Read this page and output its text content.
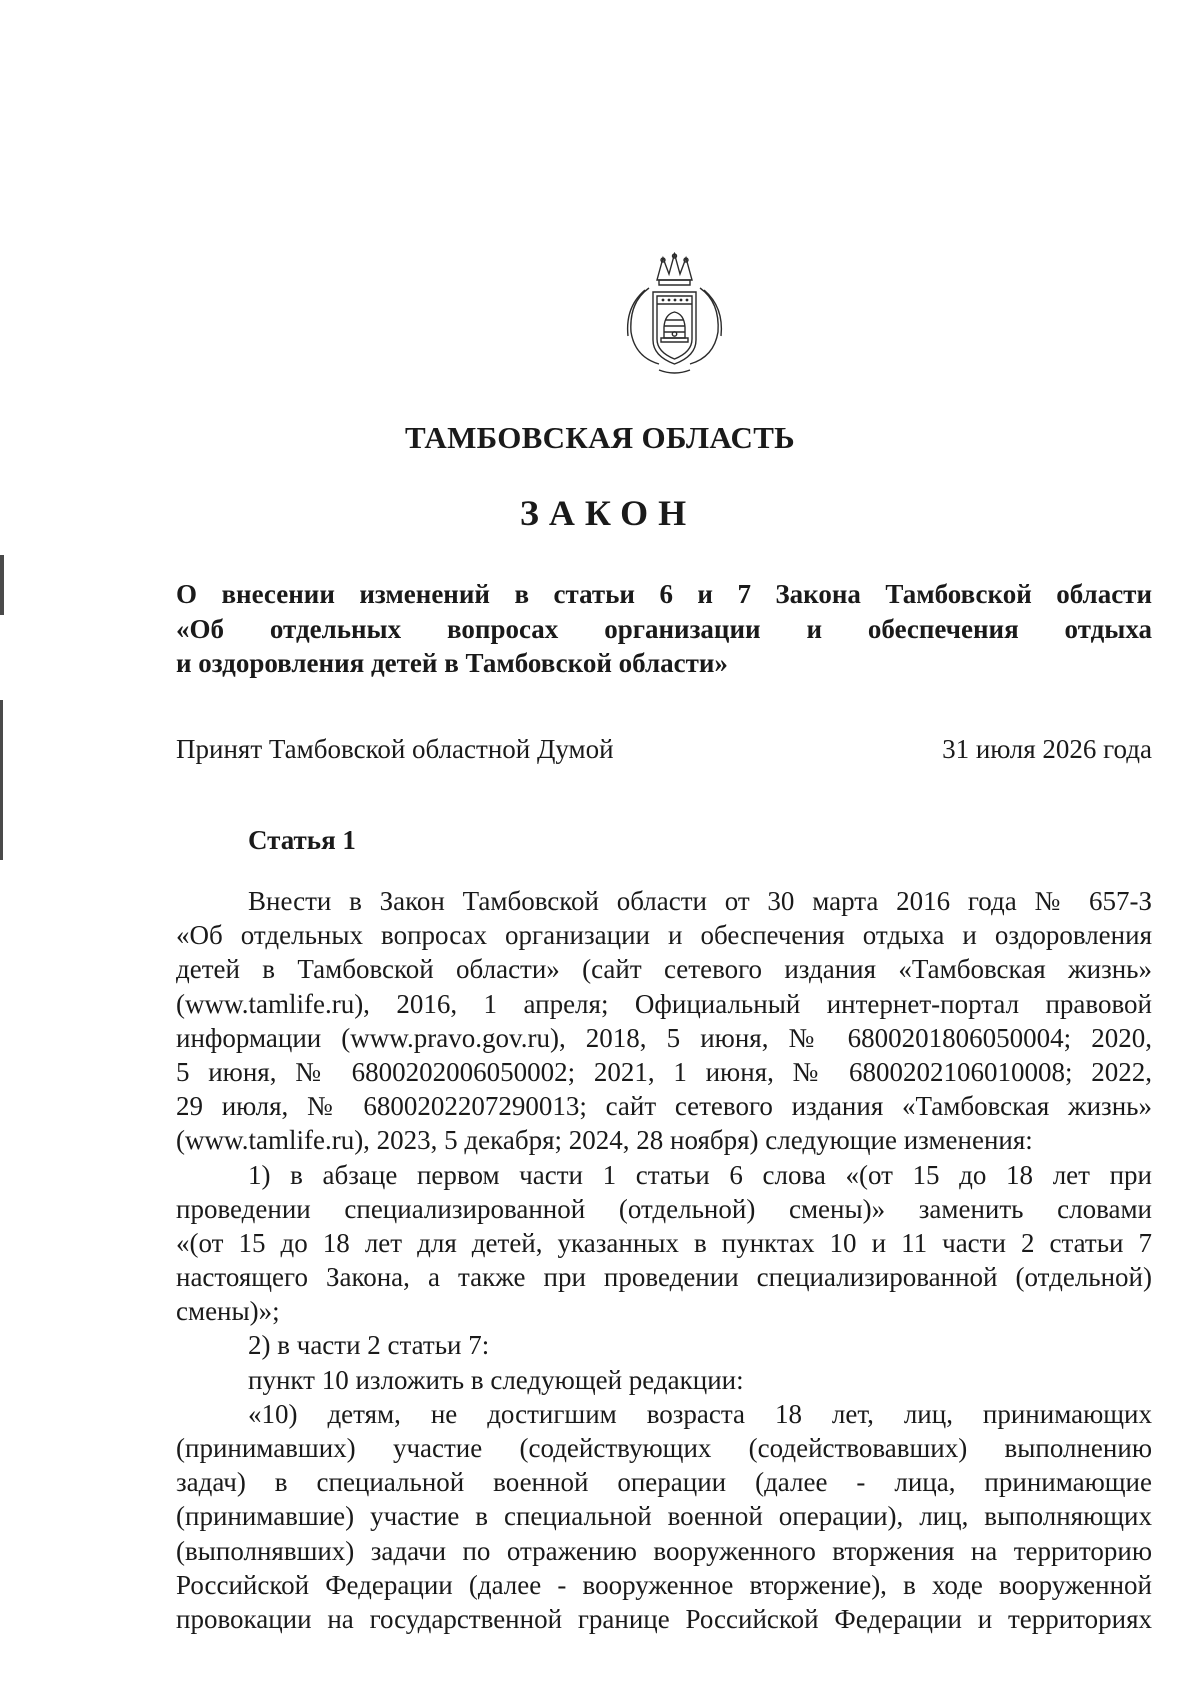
ТАМБОВСКАЯ ОБЛАСТЬ
ЗАКОН
О внесении изменений в статьи 6 и 7 Закона Тамбовской области
«Об отдельных вопросах организации и обеспечения отдыха
и оздоровления детей в Тамбовской области»
Принят Тамбовской областной Думой	31 июля 2026 года
Статья 1
Внести в Закон Тамбовской области от 30 марта 2016 года № 657-З
«Об отдельных вопросах организации и обеспечения отдыха и оздоровления
детей в Тамбовской области» (сайт сетевого издания «Тамбовская жизнь»
(www.tamlife.ru), 2016, 1 апреля; Официальный интернет-портал правовой
информации (www.pravo.gov.ru), 2018, 5 июня, № 6800201806050004; 2020,
5 июня, № 6800202006050002; 2021, 1 июня, № 6800202106010008; 2022,
29 июля, № 6800202207290013; сайт сетевого издания «Тамбовская жизнь»
(www.tamlife.ru), 2023, 5 декабря; 2024, 28 ноября) следующие изменения:
1) в абзаце первом части 1 статьи 6 слова «(от 15 до 18 лет при
проведении специализированной (отдельной) смены)» заменить словами
«(от 15 до 18 лет для детей, указанных в пунктах 10 и 11 части 2 статьи 7
настоящего Закона, а также при проведении специализированной (отдельной)
смены)»;
2) в части 2 статьи 7:
пункт 10 изложить в следующей редакции:
«10) детям, не достигшим возраста 18 лет, лиц, принимающих
(принимавших) участие (содействующих (содействовавших) выполнению
задач) в специальной военной операции (далее - лица, принимающие
(принимавшие) участие в специальной военной операции), лиц, выполняющих
(выполнявших) задачи по отражению вооруженного вторжения на территорию
Российской Федерации (далее - вооруженное вторжение), в ходе вооруженной
провокации на государственной границе Российской Федерации и территориях
